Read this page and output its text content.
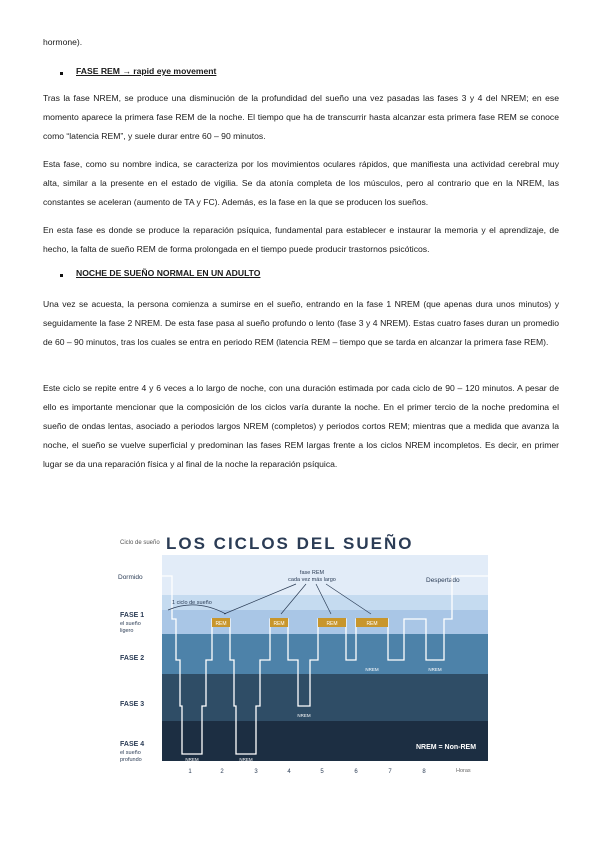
hormone).

FASE REM → rapid eye movement

Tras la fase NREM, se produce una disminución de la profundidad del sueño una vez pasadas las fases 3 y 4 del NREM; en ese momento aparece la primera fase REM de la noche. El tiempo que ha de transcurrir hasta alcanzar esta primera fase REM se conoce como “latencia REM”, y suele durar entre 60 – 90 minutos.

Esta fase, como su nombre indica, se caracteriza por los movimientos oculares rápidos, que manifiesta una actividad cerebral muy alta, similar a la presente en el estado de vigilia. Se da atonía completa de los músculos, pero al contrario que en la NREM, las constantes se aceleran (aumento de TA y FC). Además, es la fase en la que se producen los sueños.

En esta fase es donde se produce la reparación psíquica, fundamental para establecer e instaurar la memoria y el aprendizaje, de hecho, la falta de sueño REM de forma prolongada en el tiempo puede producir trastornos psicóticos.

NOCHE DE SUEÑO NORMAL EN UN ADULTO

Una vez se acuesta, la persona comienza a sumirse en el sueño, entrando en la fase 1 NREM (que apenas dura unos minutos) y seguidamente la fase 2 NREM. De esta fase pasa al sueño profundo o lento (fase 3 y 4 NREM). Estas cuatro fases duran un promedio de 60 – 90 minutos, tras los cuales se entra en periodo REM (latencia REM – tiempo que se tarda en alcanzar la primera fase REM).

Este ciclo se repite entre 4 y 6 veces a lo largo de noche, con una duración estimada por cada ciclo de 90 – 120 minutos. A pesar de ello es importante mencionar que la composición de los ciclos varía durante la noche. En el primer tercio de la noche predomina el sueño de ondas lentas, asociado a periodos largos NREM (completos) y periodos cortos REM; mientras que a medida que avanza la noche, el sueño se vuelve superficial y predominan las fases REM largas frente a los ciclos NREM incompletos. Es decir, en primer lugar se da una reparación física y al final de la noche la reparación psíquica.

LOS CICLOS DEL SUEÑO
Ciclo de sueño
Dormido
FASE 1
el sueño
ligero
FASE 2
FASE 3
FASE 4
el sueño
profundo
Despertado
REM	REM	REM	REM
NREM	NREM
NREM
NREM	NREM
fase REM
cada vez más largo
1 ciclo de sueño
NREM = Non-REM
1	2	3	4	5	6	7	8	Horas
